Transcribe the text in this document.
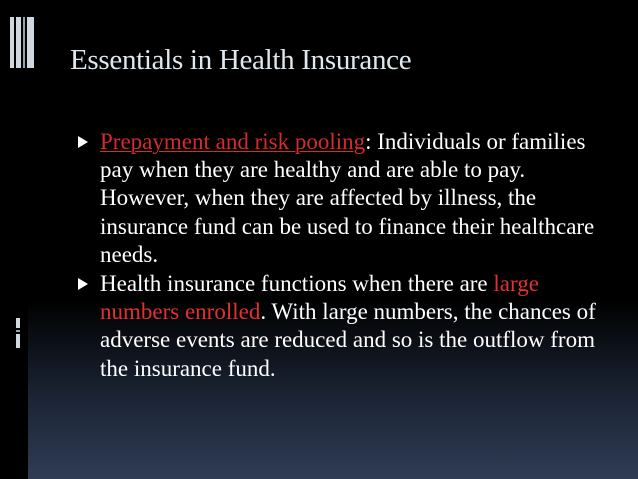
Essentials in Health Insurance

Prepayment and risk pooling: Individuals or families pay when they are healthy and are able to pay. However, when they are affected by illness, the insurance fund can be used to finance their healthcare needs.

Health insurance functions when there are large numbers enrolled. With large numbers, the chances of adverse events are reduced and so is the outflow from the insurance fund.
